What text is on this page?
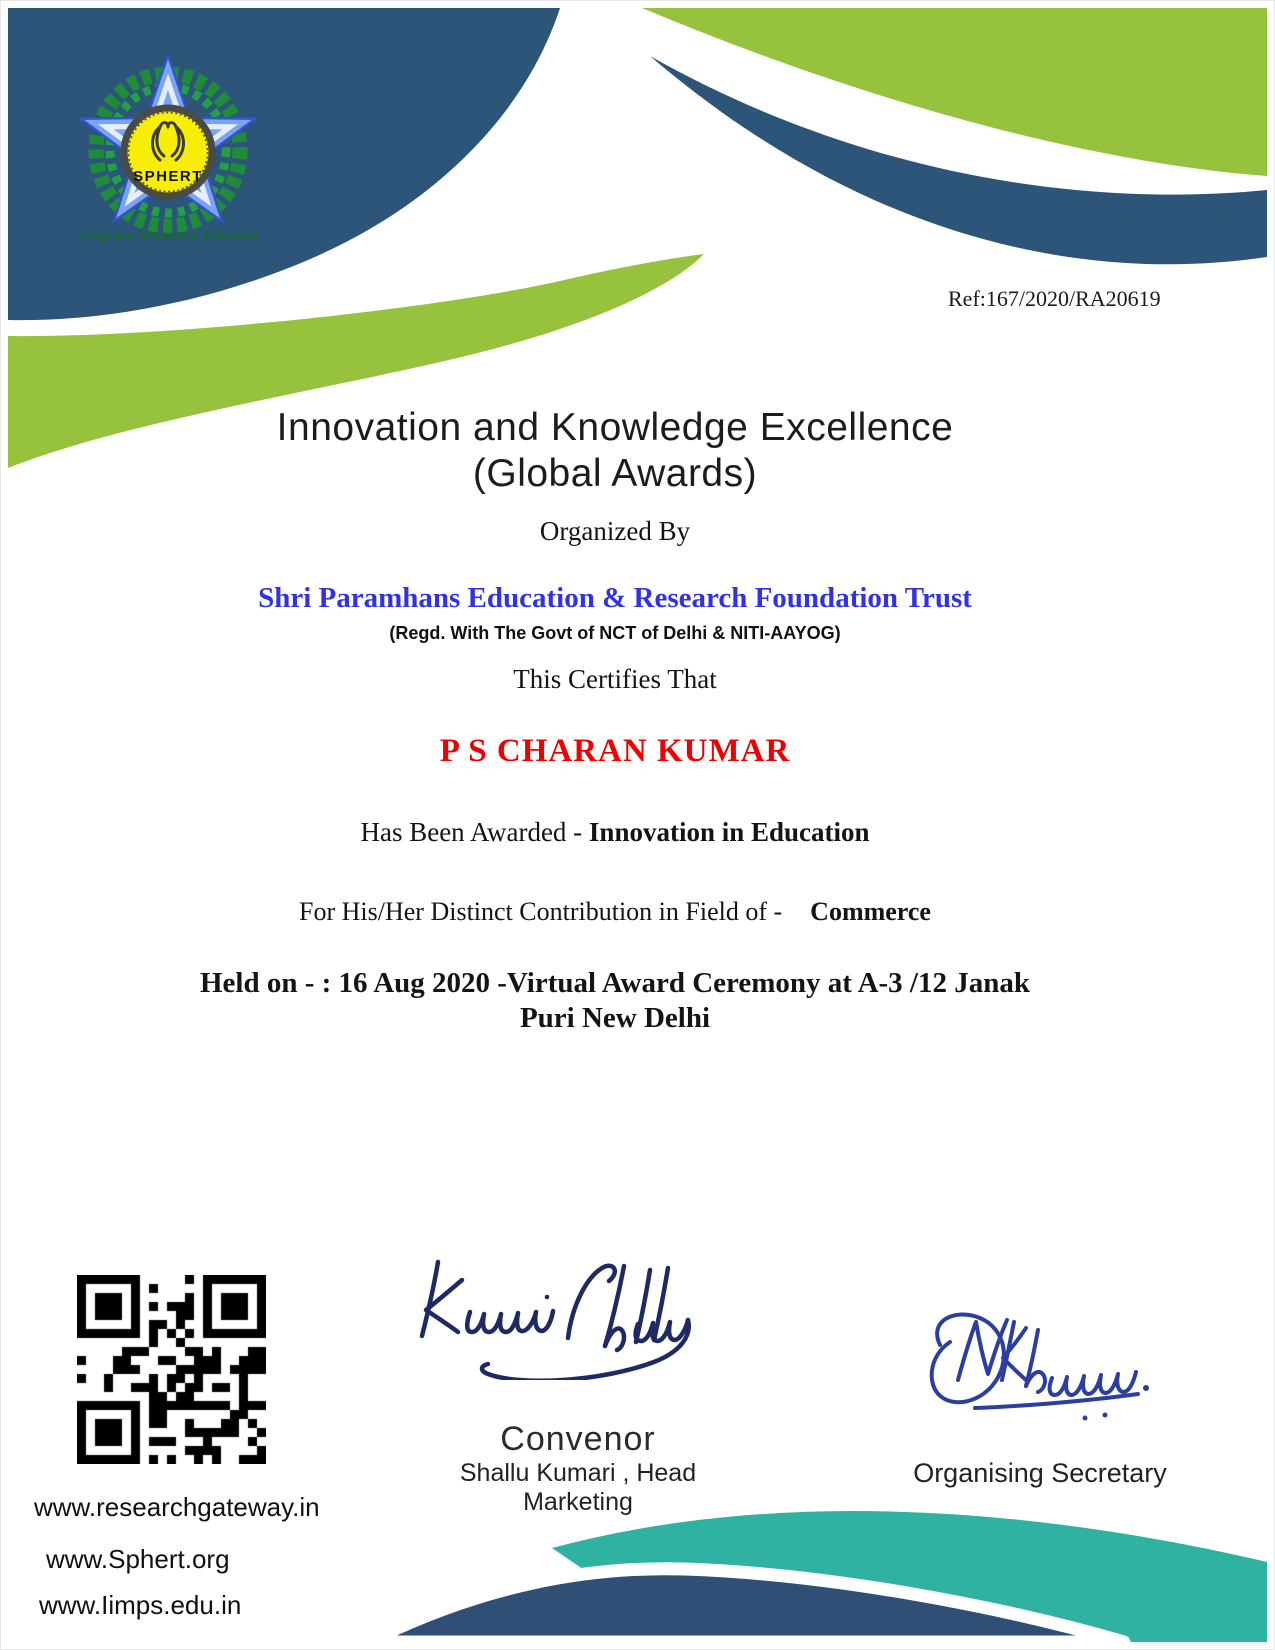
SPHERT
Explore Innovate Educate
Ref:167/2020/RA20619
Innovation and Knowledge Excellence
(Global Awards)
Organized By
Shri Paramhans Education & Research Foundation Trust
(Regd. With The Govt of NCT of Delhi & NITI-AAYOG)
This Certifies That
P S CHARAN KUMAR
Has Been Awarded - Innovation in Education
For His/Her Distinct Contribution in Field of - Commerce
Held on - : 16 Aug 2020 -Virtual Award Ceremony at A-3 /12 Janak
Puri New Delhi
Convenor
Shallu Kumari , Head Marketing
Organising Secretary
www.researchgateway.in
www.Sphert.org
www.Iimps.edu.in
